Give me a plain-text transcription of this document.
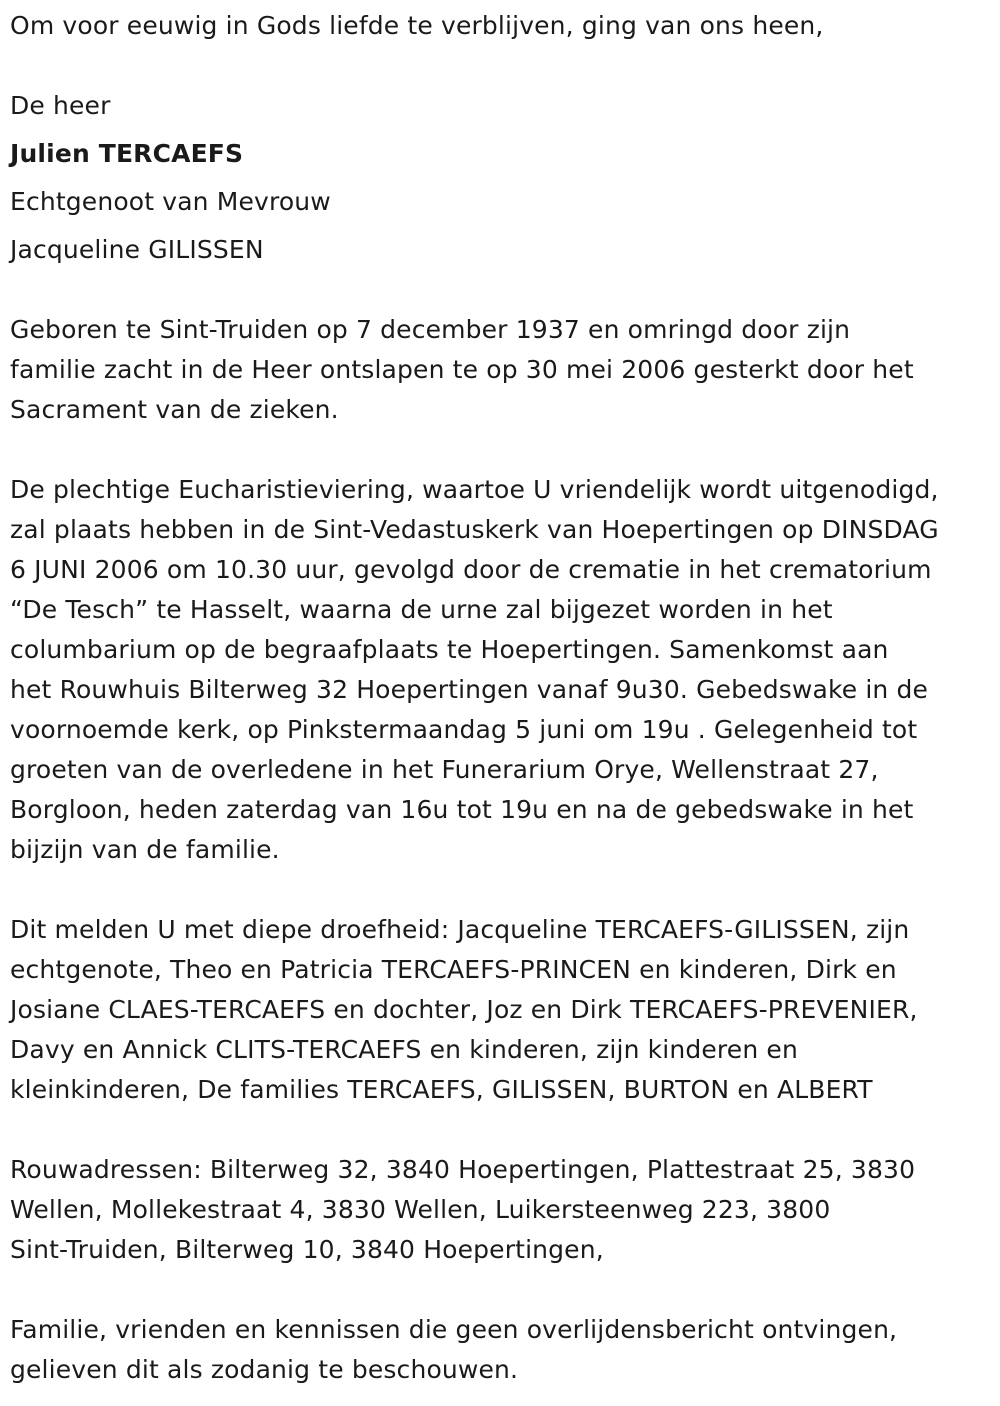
Om voor eeuwig in Gods liefde te verblijven, ging van ons heen,
De heer
Julien TERCAEFS
Echtgenoot van Mevrouw
Jacqueline GILISSEN
Geboren te Sint-Truiden op 7 december 1937 en omringd door zijn
familie zacht in de Heer ontslapen te op 30 mei 2006 gesterkt door het
Sacrament van de zieken.
De plechtige Eucharistieviering, waartoe U vriendelijk wordt uitgenodigd,
zal plaats hebben in de Sint-Vedastuskerk van Hoepertingen op DINSDAG
6 JUNI 2006 om 10.30 uur, gevolgd door de crematie in het crematorium
“De Tesch” te Hasselt, waarna de urne zal bijgezet worden in het
columbarium op de begraafplaats te Hoepertingen. Samenkomst aan
het Rouwhuis Bilterweg 32 Hoepertingen vanaf 9u30. Gebedswake in de
voornoemde kerk, op Pinkstermaandag 5 juni om 19u . Gelegenheid tot
groeten van de overledene in het Funerarium Orye, Wellenstraat 27,
Borgloon, heden zaterdag van 16u tot 19u en na de gebedswake in het
bijzijn van de familie.
Dit melden U met diepe droefheid: Jacqueline TERCAEFS-GILISSEN, zijn
echtgenote, Theo en Patricia TERCAEFS-PRINCEN en kinderen, Dirk en
Josiane CLAES-TERCAEFS en dochter, Joz en Dirk TERCAEFS-PREVENIER,
Davy en Annick CLITS-TERCAEFS en kinderen, zijn kinderen en
kleinkinderen, De families TERCAEFS, GILISSEN, BURTON en ALBERT
Rouwadressen: Bilterweg 32, 3840 Hoepertingen, Plattestraat 25, 3830
Wellen, Mollekestraat 4, 3830 Wellen, Luikersteenweg 223, 3800
Sint-Truiden, Bilterweg 10, 3840 Hoepertingen,
Familie, vrienden en kennissen die geen overlijdensbericht ontvingen,
gelieven dit als zodanig te beschouwen.
